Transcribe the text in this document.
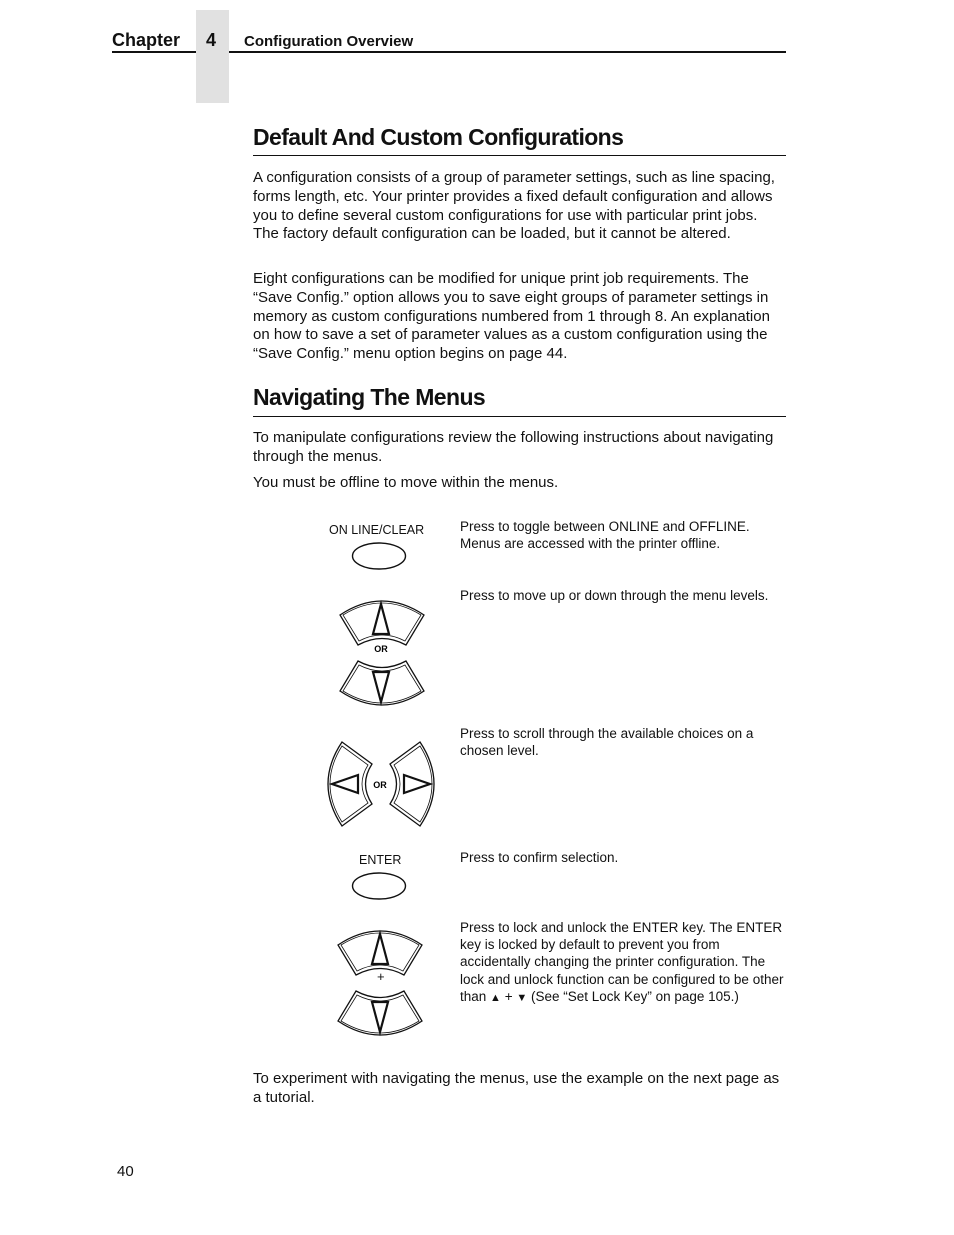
Chapter 4 Configuration Overview
Default And Custom Configurations
A configuration consists of a group of parameter settings, such as line spacing, forms length, etc. Your printer provides a fixed default configuration and allows you to define several custom configurations for use with particular print jobs. The factory default configuration can be loaded, but it cannot be altered.
Eight configurations can be modified for unique print job requirements. The “Save Config.” option allows you to save eight groups of parameter settings in memory as custom configurations numbered from 1 through 8. An explanation on how to save a set of parameter values as a custom configuration using the “Save Config.” menu option begins on page 44.
Navigating The Menus
To manipulate configurations review the following instructions about navigating through the menus.
You must be offline to move within the menus.
ON LINE/CLEAR	Press to toggle between ONLINE and OFFLINE. Menus are accessed with the printer offline.
OR
Press to move up or down through the menu levels.
OR
Press to scroll through the available choices on a chosen level.
ENTER	Press to confirm selection.
+
Press to lock and unlock the ENTER key. The ENTER key is locked by default to prevent you from accidentally changing the printer configuration. The lock and unlock function can be configured to be other than ▲ + ▼ (See “Set Lock Key” on page 105.)
To experiment with navigating the menus, use the example on the next page as a tutorial.
40
